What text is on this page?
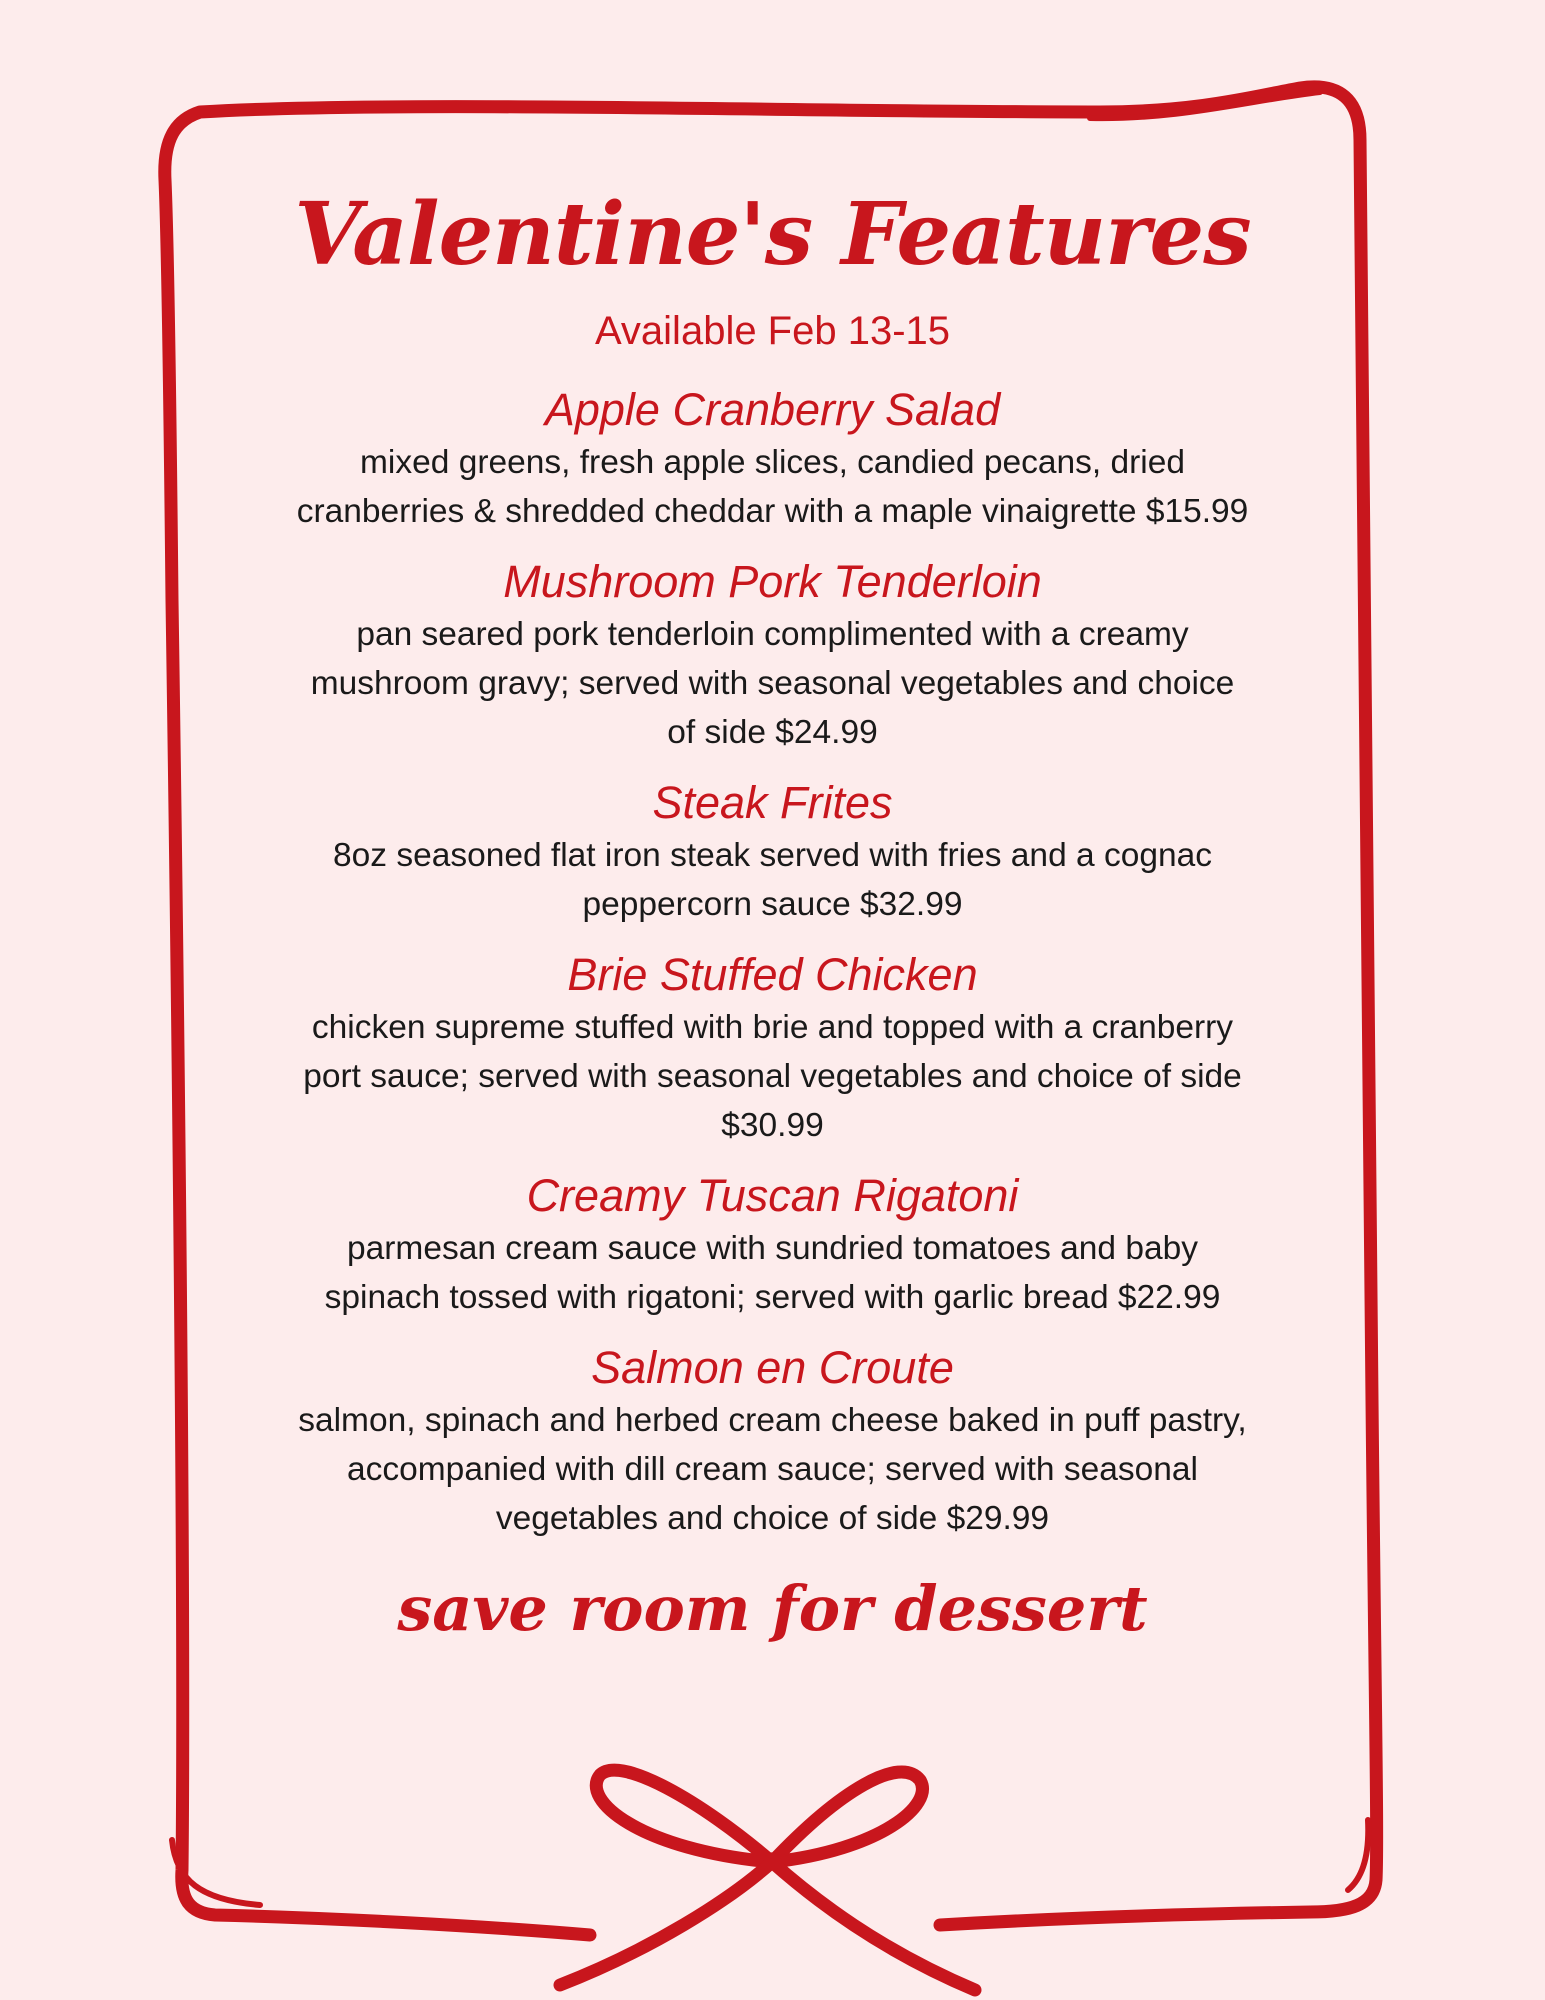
Valentine's Features
Available Feb 13-15
Apple Cranberry Salad
mixed greens, fresh apple slices, candied pecans, dried cranberries & shredded cheddar with a maple vinaigrette $15.99
Mushroom Pork Tenderloin
pan seared pork tenderloin complimented with a creamy mushroom gravy; served with seasonal vegetables and choice of side $24.99
Steak Frites
8oz seasoned flat iron steak served with fries and a cognac peppercorn sauce $32.99
Brie Stuffed Chicken
chicken supreme stuffed with brie and topped with a cranberry port sauce; served with seasonal vegetables and choice of side $30.99
Creamy Tuscan Rigatoni
parmesan cream sauce with sundried tomatoes and baby spinach tossed with rigatoni; served with garlic bread $22.99
Salmon en Croute
salmon, spinach and herbed cream cheese baked in puff pastry, accompanied with dill cream sauce; served with seasonal vegetables and choice of side $29.99
save room for dessert
